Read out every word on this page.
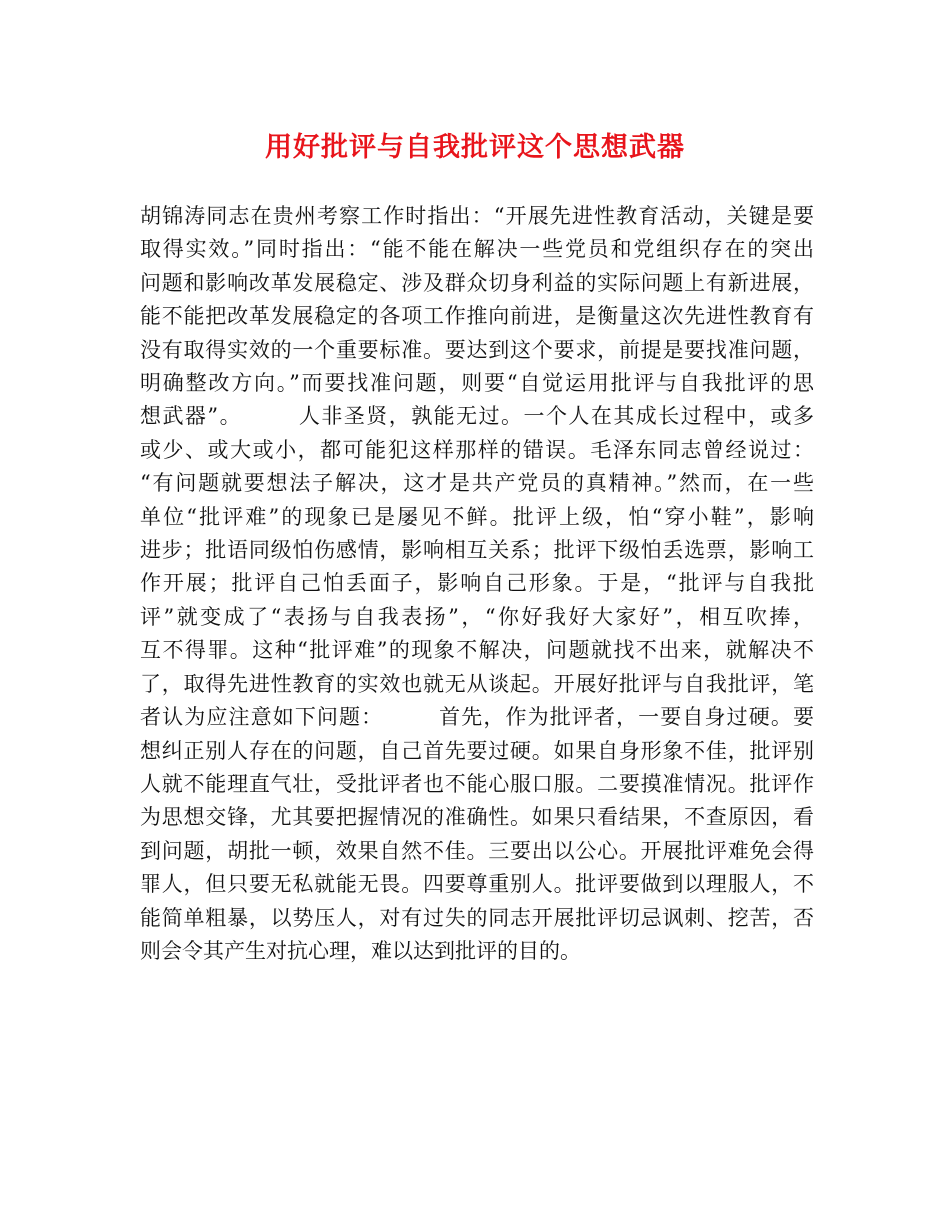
用好批评与自我批评这个思想武器
胡锦涛同志在贵州考察工作时指出：“开展先进性教育活动，关键是要
取得实效。”同时指出：“能不能在解决一些党员和党组织存在的突出
问题和影响改革发展稳定、涉及群众切身利益的实际问题上有新进展，
能不能把改革发展稳定的各项工作推向前进，是衡量这次先进性教育有
没有取得实效的一个重要标准。要达到这个要求，前提是要找准问题，
明确整改方向。”而要找准问题，则要“自觉运用批评与自我批评的思
想武器”。　　　人非圣贤，孰能无过。一个人在其成长过程中，或多
或少、或大或小，都可能犯这样那样的错误。毛泽东同志曾经说过：
“有问题就要想法子解决，这才是共产党员的真精神。”然而，在一些
单位“批评难”的现象已是屡见不鲜。批评上级，怕“穿小鞋”，影响
进步；批语同级怕伤感情，影响相互关系；批评下级怕丢选票，影响工
作开展；批评自己怕丢面子，影响自己形象。于是，“批评与自我批
评”就变成了“表扬与自我表扬”，“你好我好大家好”，相互吹捧，
互不得罪。这种“批评难”的现象不解决，问题就找不出来，就解决不
了，取得先进性教育的实效也就无从谈起。开展好批评与自我批评，笔
者认为应注意如下问题：　　　首先，作为批评者，一要自身过硬。要
想纠正别人存在的问题，自己首先要过硬。如果自身形象不佳，批评别
人就不能理直气壮，受批评者也不能心服口服。二要摸准情况。批评作
为思想交锋，尤其要把握情况的准确性。如果只看结果，不查原因，看
到问题，胡批一顿，效果自然不佳。三要出以公心。开展批评难免会得
罪人，但只要无私就能无畏。四要尊重别人。批评要做到以理服人，不
能简单粗暴，以势压人，对有过失的同志开展批评切忌讽刺、挖苦，否
则会令其产生对抗心理，难以达到批评的目的。
